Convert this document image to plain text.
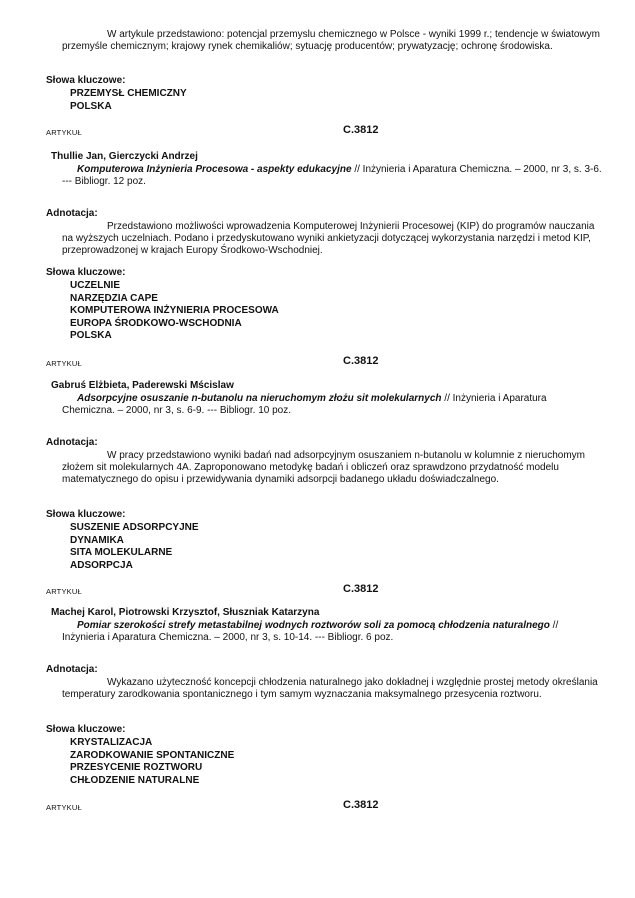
W artykule przedstawiono: potencjal przemyslu chemicznego w Polsce - wyniki 1999 r.; tendencje w światowym przemyśle chemicznym; krajowy rynek chemikaliów; sytuację producentów; prywatyzację; ochronę środowiska.
Słowa kluczowe:
PRZEMYSŁ CHEMICZNY
POLSKA
ARTYKUŁ	C.3812
Thullie Jan, Gierczycki Andrzej
Komputerowa Inżynieria Procesowa - aspekty edukacyjne // Inżynieria i Aparatura Chemiczna. – 2000, nr 3, s. 3-6. --- Bibliogr. 12 poz.
Adnotacja:
Przedstawiono możliwości wprowadzenia Komputerowej Inżynierii Procesowej (KIP) do programów nauczania na wyższych uczelniach. Podano i przedyskutowano wyniki ankietyzacji dotyczącej wykorzystania narzędzi i metod KIP, przeprowadzonej w krajach Europy Środkowo-Wschodniej.
Słowa kluczowe:
UCZELNIE
NARZĘDZIA CAPE
KOMPUTEROWA INŻYNIERIA PROCESOWA
EUROPA ŚRODKOWO-WSCHODNIA
POLSKA
ARTYKUŁ	C.3812
Gabruś Elżbieta, Paderewski Mścislaw
Adsorpcyjne osuszanie n-butanolu na nieruchomym złożu sit molekularnych // Inżynieria i Aparatura Chemiczna. – 2000, nr 3, s. 6-9. --- Bibliogr. 10 poz.
Adnotacja:
W pracy przedstawiono wyniki badań nad adsorpcyjnym osuszaniem n-butanolu w kolumnie z nieruchomym złożem sit molekularnych 4A. Zaproponowano metodykę badań i obliczeń oraz sprawdzono przydatność modelu matematycznego do opisu i przewidywania dynamiki adsorpcji badanego układu doświadczalnego.
Słowa kluczowe:
SUSZENIE ADSORPCYJNE
DYNAMIKA
SITA MOLEKULARNE
ADSORPCJA
ARTYKUŁ	C.3812
Machej Karol, Piotrowski Krzysztof, Słuszniak Katarzyna
Pomiar szerokości strefy metastabilnej wodnych roztworów soli za pomocą chłodzenia naturalnego // Inżynieria i Aparatura Chemiczna. – 2000, nr 3, s. 10-14. --- Bibliogr. 6 poz.
Adnotacja:
Wykazano użyteczność koncepcji chłodzenia naturalnego jako dokładnej i względnie prostej metody określania temperatury zarodkowania spontanicznego i tym samym wyznaczania maksymalnego przesycenia roztworu.
Słowa kluczowe:
KRYSTALIZACJA
ZARODKOWANIE SPONTANICZNE
PRZESYCENIE ROZTWORU
CHŁODZENIE NATURALNE
ARTYKUŁ	C.3812
